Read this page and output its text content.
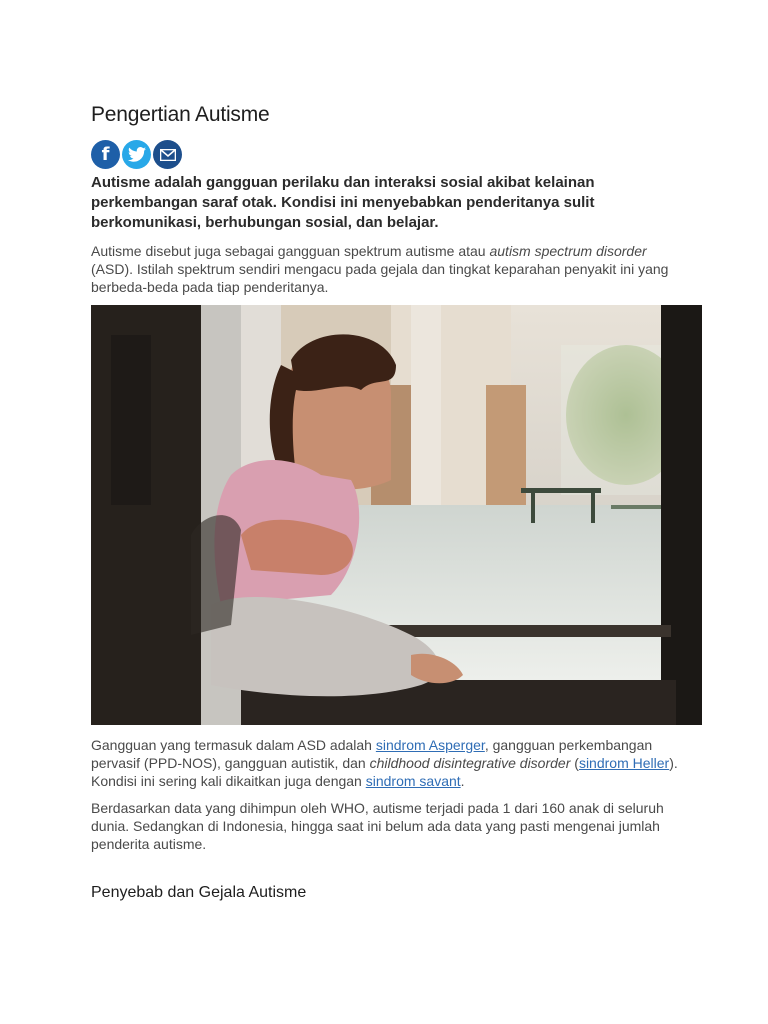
Pengertian Autisme
f

Autisme adalah gangguan perilaku dan interaksi sosial akibat kelainan perkembangan saraf otak. Kondisi ini menyebabkan penderitanya sulit berkomunikasi, berhubungan sosial, dan belajar.

Autisme disebut juga sebagai gangguan spektrum autisme atau autism spectrum disorder (ASD). Istilah spektrum sendiri mengacu pada gejala dan tingkat keparahan penyakit ini yang berbeda-beda pada tiap penderitanya.

Gangguan yang termasuk dalam ASD adalah sindrom Asperger, gangguan perkembangan pervasif (PPD-NOS), gangguan autistik, dan childhood disintegrative disorder (sindrom Heller). Kondisi ini sering kali dikaitkan juga dengan sindrom savant.

Berdasarkan data yang dihimpun oleh WHO, autisme terjadi pada 1 dari 160 anak di seluruh dunia. Sedangkan di Indonesia, hingga saat ini belum ada data yang pasti mengenai jumlah penderita autisme.

Penyebab dan Gejala Autisme
